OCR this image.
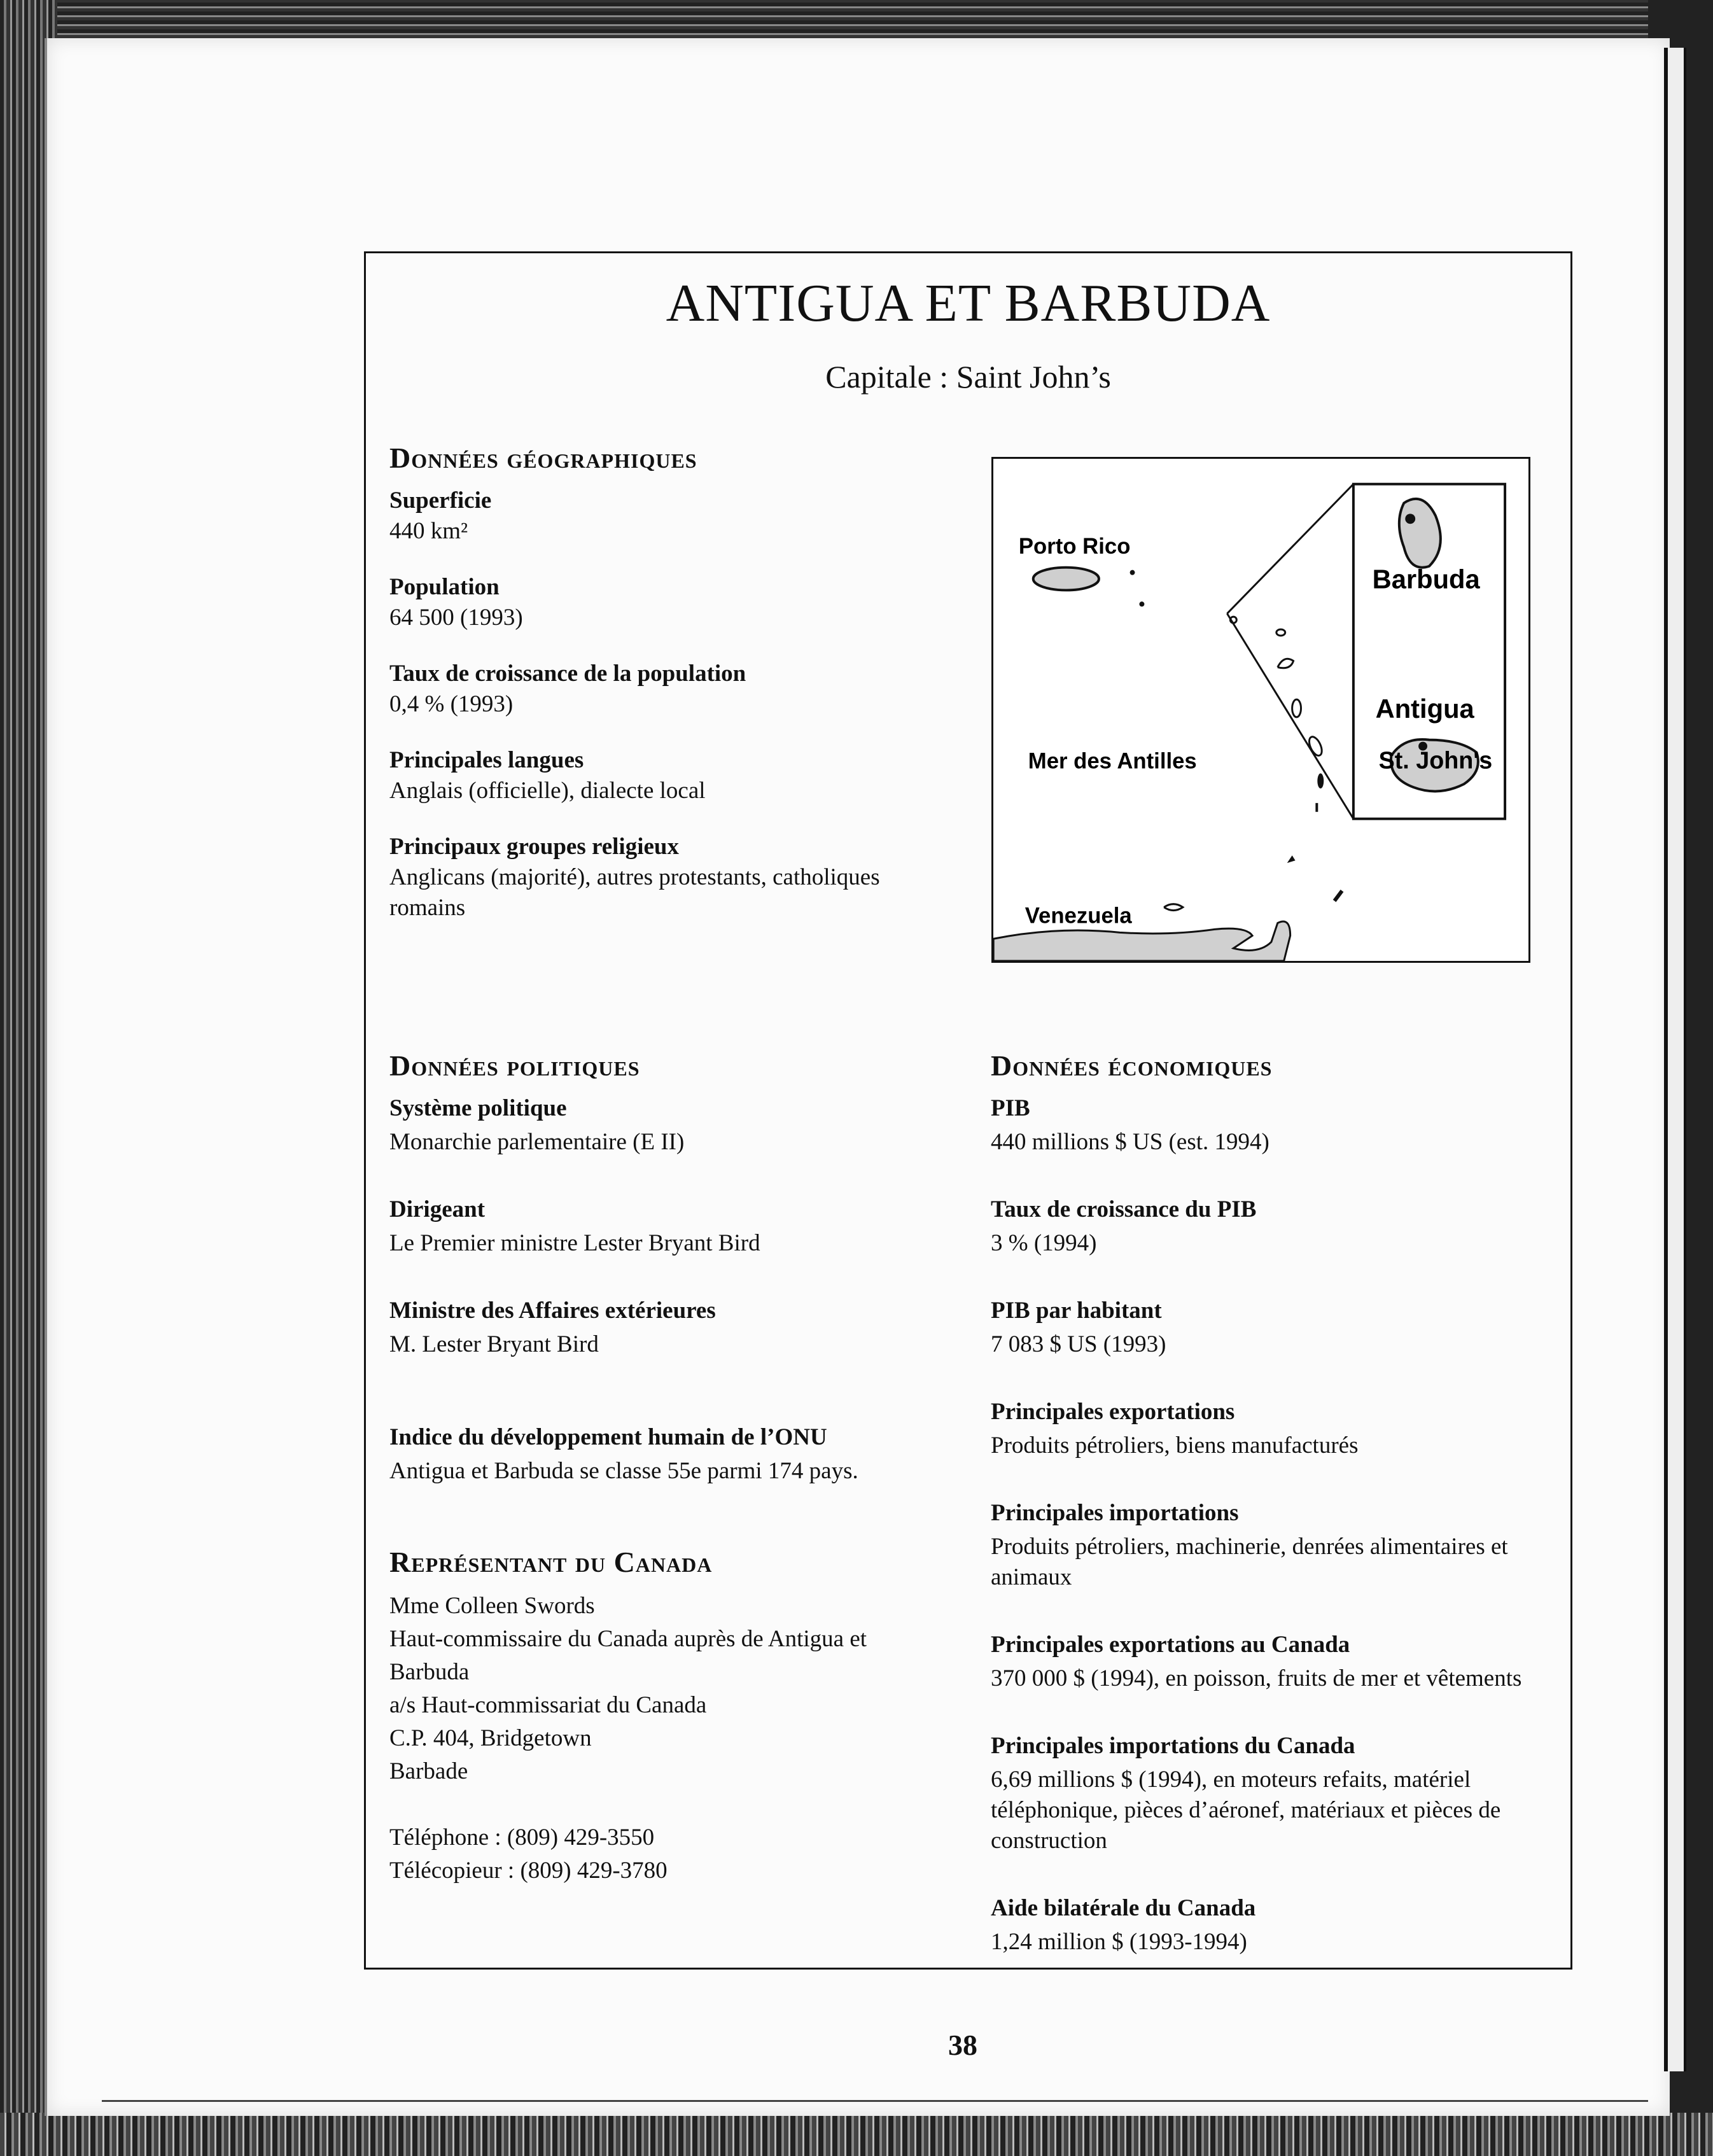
ANTIGUA ET BARBUDA
Capitale : Saint John’s
Données géographiques

Superficie

440 km²

Population

64 500 (1993)

Taux de croissance de la population

0,4 % (1993)

Principales langues

Anglais (officielle), dialecte local

Principaux groupes religieux

Anglicans (majorité), autres protestants, catholiques romains

Porto Rico
Barbuda
Antigua
St. John's
Mer des Antilles
Venezuela
Données politiques

Système politique

Monarchie parlementaire (E II)

Dirigeant

Le Premier ministre Lester Bryant Bird

Ministre des Affaires extérieures

M. Lester Bryant Bird

Indice du développement humain de l’ONU

Antigua et Barbuda se classe 55e parmi 174 pays.

Représentant du Canada

Mme Colleen Swords

Haut-commissaire du Canada auprès de Antigua et Barbuda

a/s Haut-commissariat du Canada

C.P. 404, Bridgetown

Barbade

Téléphone : (809) 429-3550

Télécopieur : (809) 429-3780

Données économiques

PIB

440 millions $ US (est. 1994)

Taux de croissance du PIB

3 % (1994)

PIB par habitant

7 083 $ US (1993)

Principales exportations

Produits pétroliers, biens manufacturés

Principales importations

Produits pétroliers, machinerie, denrées alimentaires et animaux

Principales exportations au Canada

370 000 $ (1994), en poisson, fruits de mer et vêtements

Principales importations du Canada

6,69 millions $ (1994), en moteurs refaits, matériel téléphonique, pièces d’aéronef, matériaux et pièces de construction

Aide bilatérale du Canada

1,24 million $ (1993-1994)

38
